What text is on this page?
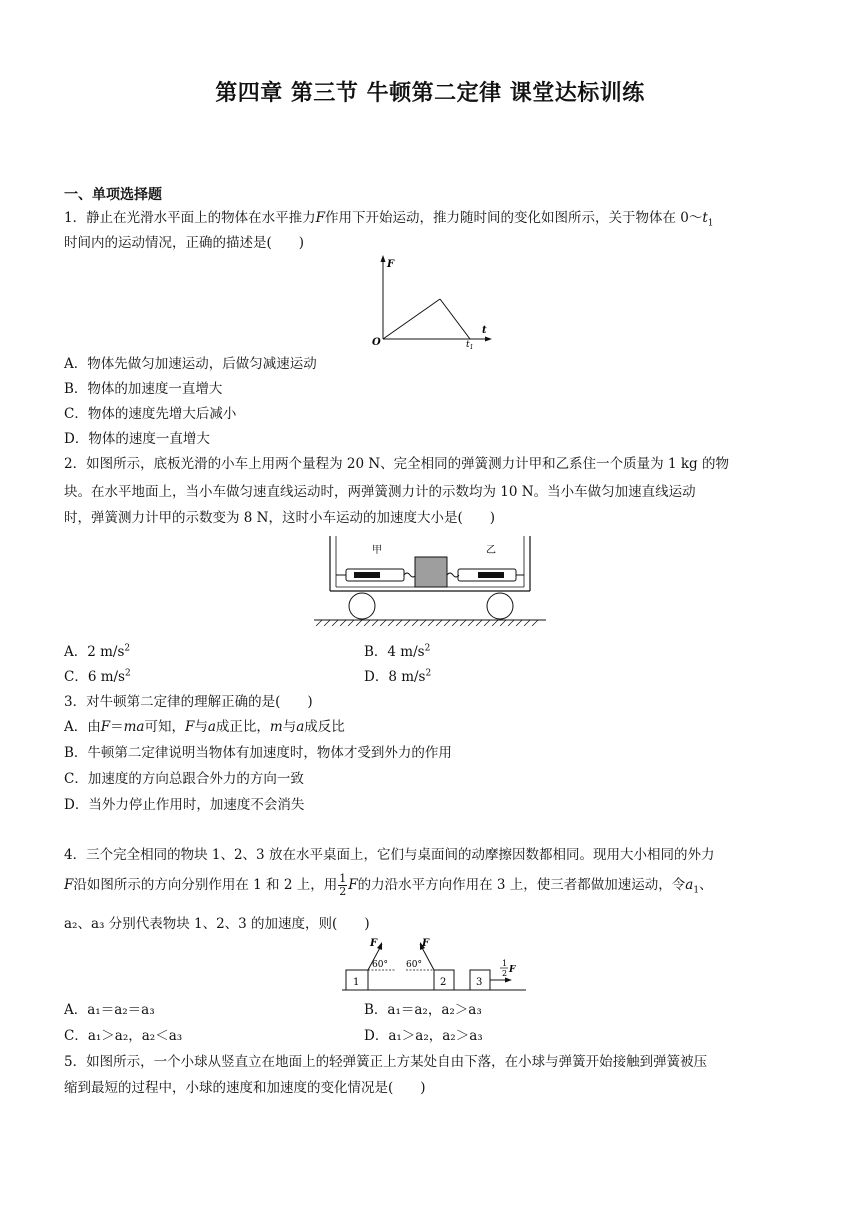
第四章 第三节 牛顿第二定律 课堂达标训练
一、单项选择题
1．静止在光滑水平面上的物体在水平推力F作用下开始运动，推力随时间的变化如图所示，关于物体在 $0\sim t_1$
时间内的运动情况，正确的描述是(　　)
F
t
O	$t_1$
A．物体先做匀加速运动，后做匀减速运动
B．物体的加速度一直增大
C．物体的速度先增大后减小
D．物体的速度一直增大
2．如图所示，底板光滑的小车上用两个量程为 20 N、完全相同的弹簧测力计甲和乙系住一个质量为 1 kg 的物
块。在水平地面上，当小车做匀速直线运动时，两弹簧测力计的示数均为 10 N。当小车做匀加速直线运动
时，弹簧测力计甲的示数变为 8 N，这时小车运动的加速度大小是(　　)
甲	乙
A．2 $m/s^2$	B．4 $m/s^2$
C．6 $m/s^2$	D．8 $m/s^2$
3．对牛顿第二定律的理解正确的是(　　)
A．由F＝ma可知，F与a成正比，m与a成反比
B．牛顿第二定律说明当物体有加速度时，物体才受到外力的作用
C．加速度的方向总跟合外力的方向一致
D．当外力停止作用时，加速度不会消失
4．三个完全相同的物块 1、2、3 放在水平桌面上，它们与桌面间的动摩擦因数都相同。现用大小相同的外力
F沿如图所示的方向分别作用在 1 和 2 上，用 $\frac{1}{2}$ F的力沿水平方向作用在 3 上，使三者都做加速运动，令$a_1$、
a₂、a₃ 分别代表物块 1、2、3 的加速度，则(　　)
1	2	3
F
60°
F
60°	1
2 F
A．a₁＝a₂＝a₃	B．a₁＝a₂，a₂＞a₃
C．a₁＞a₂，a₂＜a₃	D．a₁＞a₂，a₂＞a₃
5．如图所示，一个小球从竖直立在地面上的轻弹簧正上方某处自由下落，在小球与弹簧开始接触到弹簧被压
缩到最短的过程中，小球的速度和加速度的变化情况是(　　)
